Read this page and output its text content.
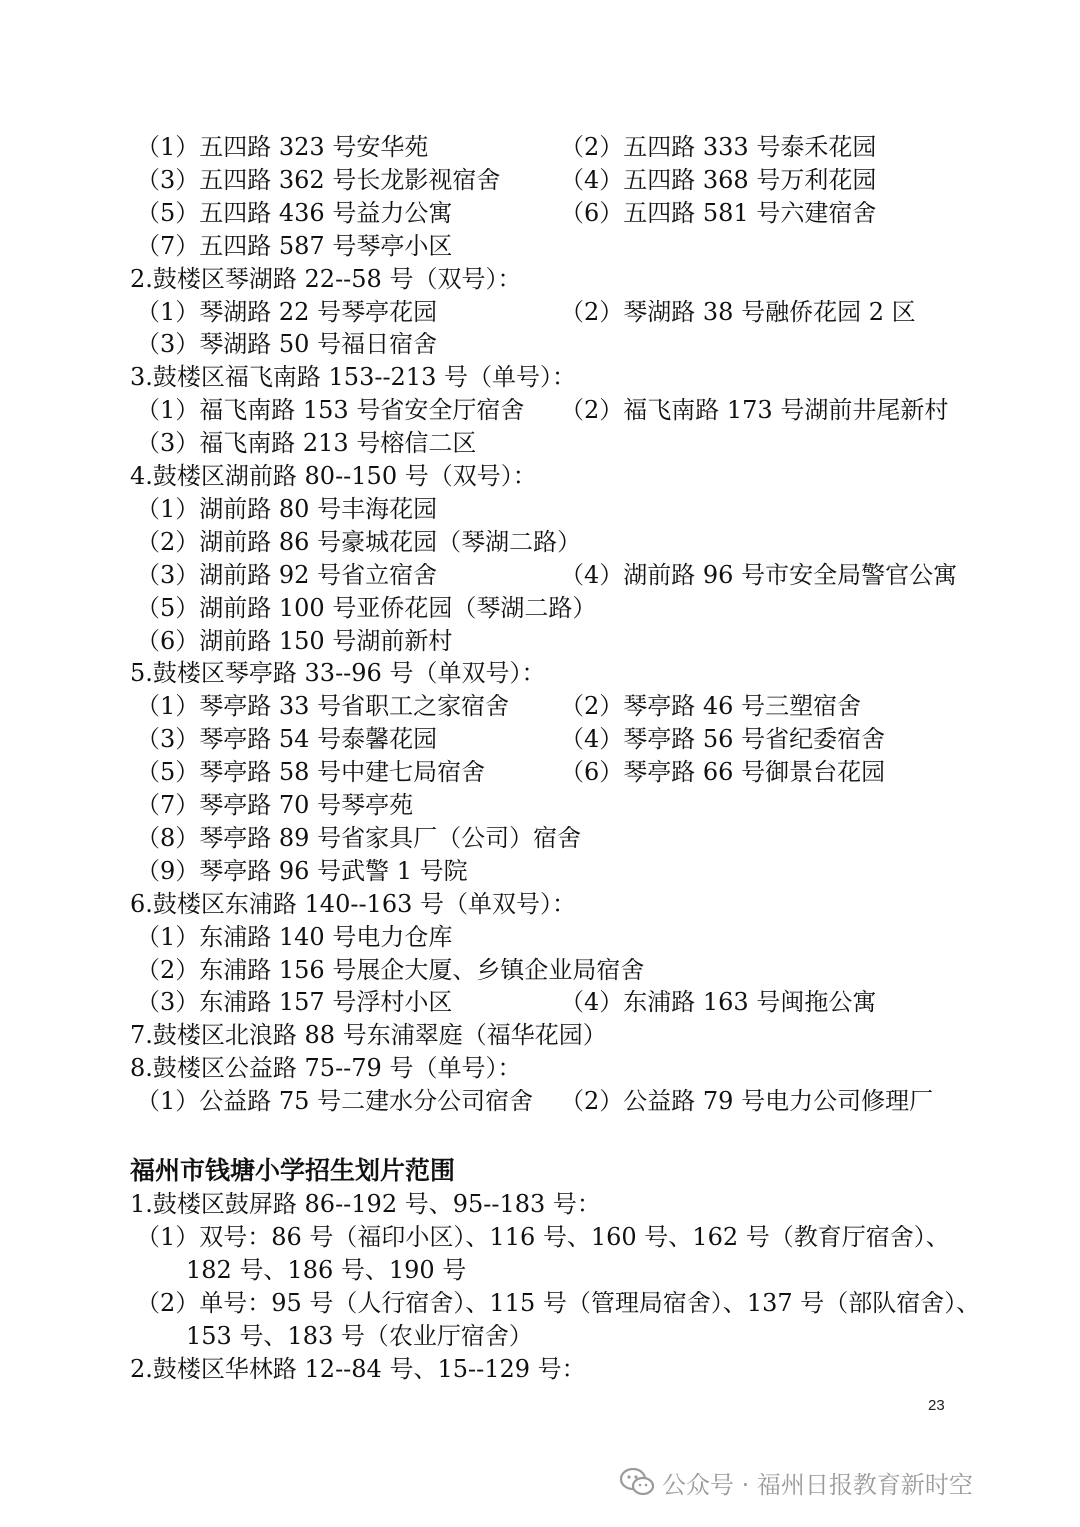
（1）五四路 323 号安华苑	（2）五四路 333 号泰禾花园
（3）五四路 362 号长龙影视宿舍 （4）五四路 368 号万利花园
（5）五四路 436 号益力公寓	（6）五四路 581 号六建宿舍
（7）五四路 587 号琴亭小区
2.鼓楼区琴湖路 22--58 号（双号）：
（1）琴湖路 22 号琴亭花园	（2）琴湖路 38 号融侨花园 2 区
（3）琴湖路 50 号福日宿舍
3.鼓楼区福飞南路 153--213 号（单号）：
（1）福飞南路 153 号省安全厅宿舍 （2）福飞南路 173 号湖前井尾新村
（3）福飞南路 213 号榕信二区
4.鼓楼区湖前路 80--150 号（双号）：
（1）湖前路 80 号丰海花园
（2）湖前路 86 号豪城花园（琴湖二路）
（3）湖前路 92 号省立宿舍	（4）湖前路 96 号市安全局警官公寓
（5）湖前路 100 号亚侨花园（琴湖二路）
（6）湖前路 150 号湖前新村
5.鼓楼区琴亭路 33--96 号（单双号）：
（1）琴亭路 33 号省职工之家宿舍 （2）琴亭路 46 号三塑宿舍
（3）琴亭路 54 号泰馨花园	（4）琴亭路 56 号省纪委宿舍
（5）琴亭路 58 号中建七局宿舍	（6）琴亭路 66 号御景台花园
（7）琴亭路 70 号琴亭苑
（8）琴亭路 89 号省家具厂（公司）宿舍
（9）琴亭路 96 号武警 1 号院
6.鼓楼区东浦路 140--163 号（单双号）：
（1）东浦路 140 号电力仓库
（2）东浦路 156 号展企大厦、乡镇企业局宿舍
（3）东浦路 157 号浮村小区	（4）东浦路 163 号闽拖公寓
7.鼓楼区北浪路 88 号东浦翠庭（福华花园）
8.鼓楼区公益路 75--79 号（单号）：
（1）公益路 75 号二建水分公司宿舍 （2）公益路 79 号电力公司修理厂
福州市钱塘小学招生划片范围
1.鼓楼区鼓屏路 86--192 号、95--183 号：
（1）双号：86 号（福印小区）、116 号、160 号、162 号（教育厅宿舍）、
182 号、186 号、190 号
（2）单号：95 号（人行宿舍）、115 号（管理局宿舍）、137 号（部队宿舍）、
153 号、183 号（农业厅宿舍）
2.鼓楼区华林路 12--84 号、15--129 号：
23
公众号 · 福州日报教育新时空
